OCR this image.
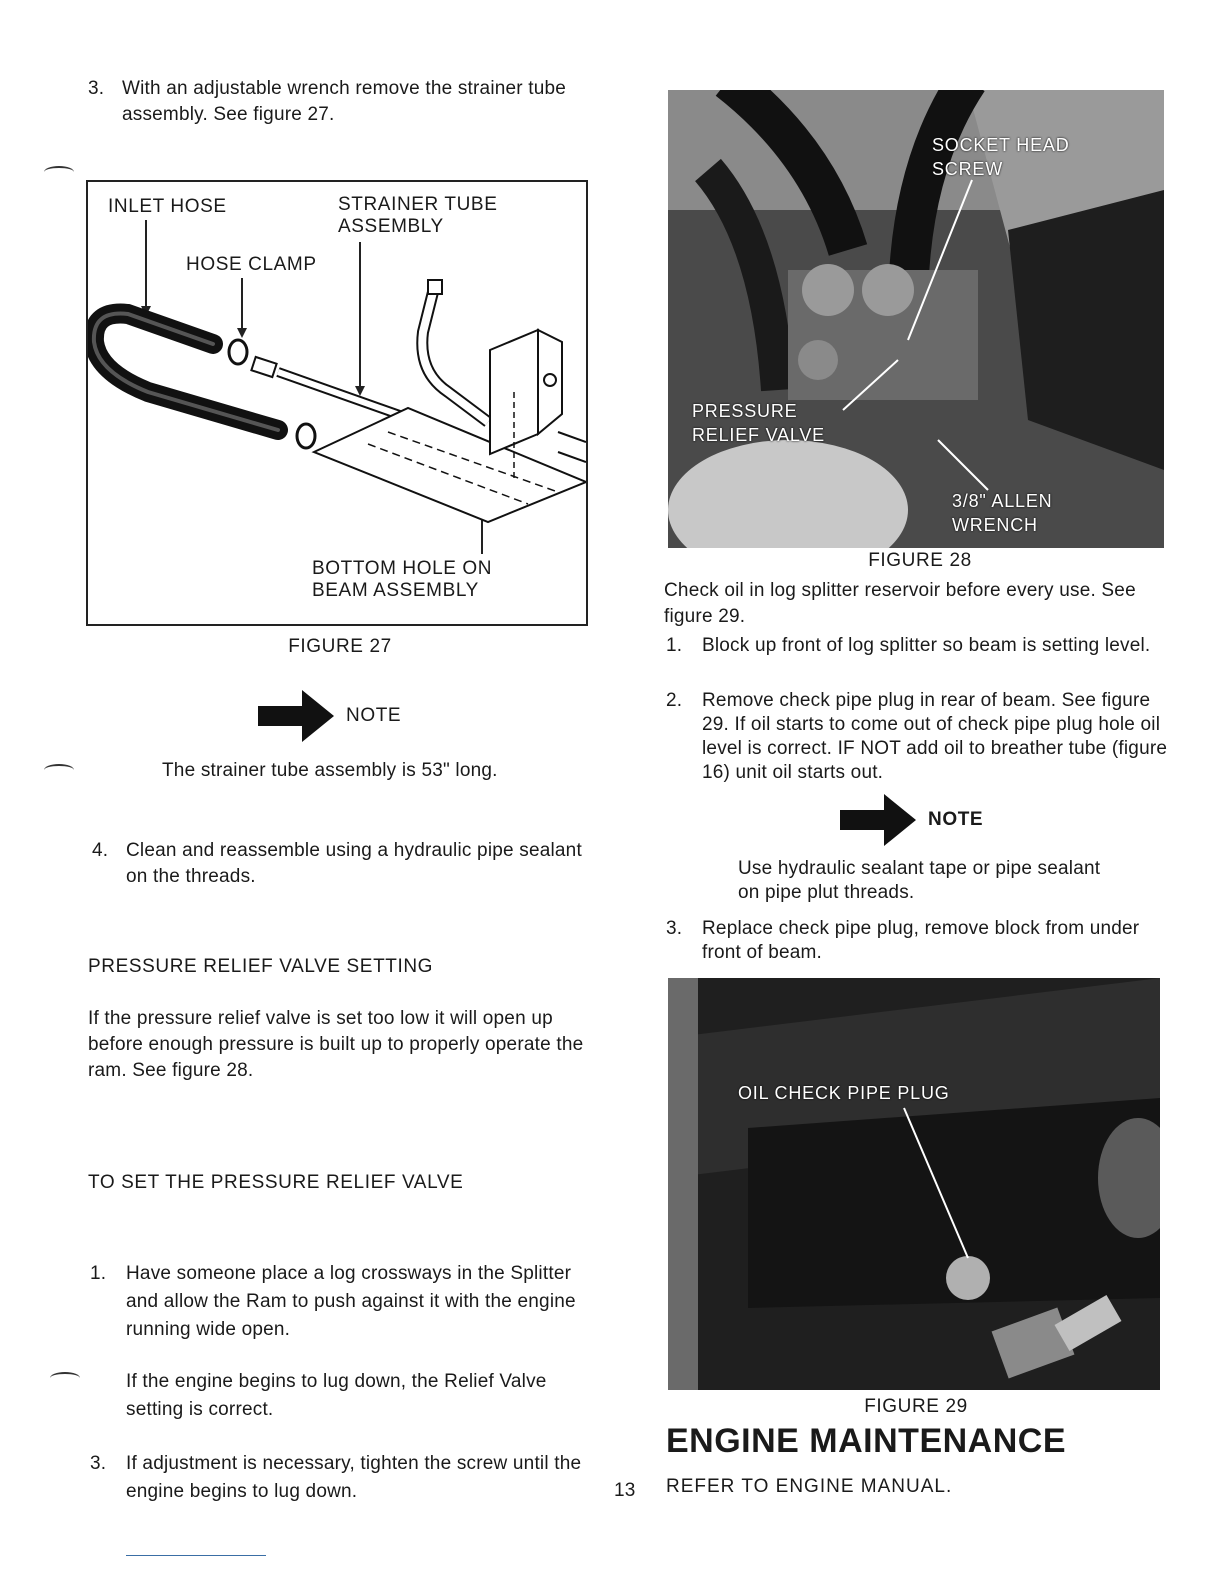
3. With an adjustable wrench remove the strainer tube assembly. See figure 27.
INLET HOSE	STRAINER TUBE
ASSEMBLY
HOSE CLAMP
BOTTOM HOLE ON
BEAM ASSEMBLY
FIGURE 27
NOTE
The strainer tube assembly is 53" long.
4. Clean and reassemble using a hydraulic pipe sealant on the threads.
PRESSURE RELIEF VALVE SETTING
If the pressure relief valve is set too low it will open up before enough pressure is built up to properly operate the ram. See figure 28.
TO SET THE PRESSURE RELIEF VALVE
1. Have someone place a log crossways in the Splitter and allow the Ram to push against it with the engine running wide open.
If the engine begins to lug down, the Relief Valve setting is correct.
3. If adjustment is necessary, tighten the screw until the engine begins to lug down.	13
SOCKET HEAD
SCREW
PRESSURE
RELIEF VALVE
3/8" ALLEN
WRENCH
FIGURE 28
Check oil in log splitter reservoir before every use. See figure 29.
1. Block up front of log splitter so beam is setting level.
2. Remove check pipe plug in rear of beam. See figure 29. If oil starts to come out of check pipe plug hole oil level is correct. IF NOT add oil to breather tube (figure 16) unit oil starts out.
NOTE
Use hydraulic sealant tape or pipe sealant on pipe plut threads.
3. Replace check pipe plug, remove block from under front of beam.
OIL CHECK PIPE PLUG
FIGURE 29
ENGINE MAINTENANCE
REFER TO ENGINE MANUAL.
